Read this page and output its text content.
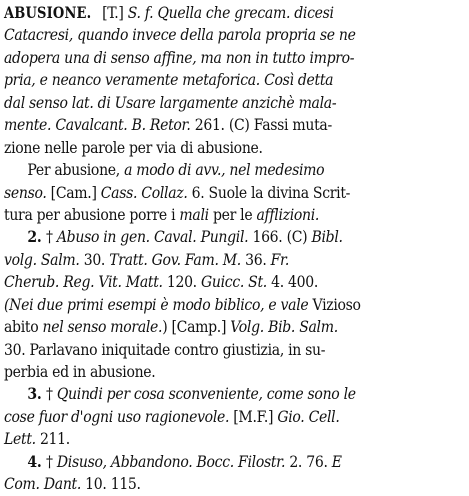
ABUSIONE. [T.] S. f. Quella che grecam. dicesi
Catacresi, quando invece della parola propria se ne
adopera una di senso affine, ma non in tutto impro-
pria, e neanco veramente metaforica. Così detta
dal senso lat. di Usare largamente anzichè mala-
mente. Cavalcant. B. Retor. 261. (C) Fassi muta-
zione nelle parole per via di abusione.
Per abusione, a modo di avv., nel medesimo
senso. [Cam.] Cass. Collaz. 6. Suole la divina Scrit-
tura per abusione porre i mali per le afflizioni.
2. † Abuso in gen. Caval. Pungil. 166. (C) Bibl.
volg. Salm. 30. Tratt. Gov. Fam. M. 36. Fr.
Cherub. Reg. Vit. Matt. 120. Guicc. St. 4. 400.
(Nei due primi esempi è modo biblico, e vale Vizioso
abito nel senso morale.) [Camp.] Volg. Bib. Salm.
30. Parlavano iniquitade contro giustizia, in su-
perbia ed in abusione.
3. † Quindi per cosa sconveniente, come sono le
cose fuor d'ogni uso ragionevole. [M.F.] Gio. Cell.
Lett. 211.
4. † Disuso, Abbandono. Bocc. Filostr. 2. 76. E
Com. Dant. 10. 115.
